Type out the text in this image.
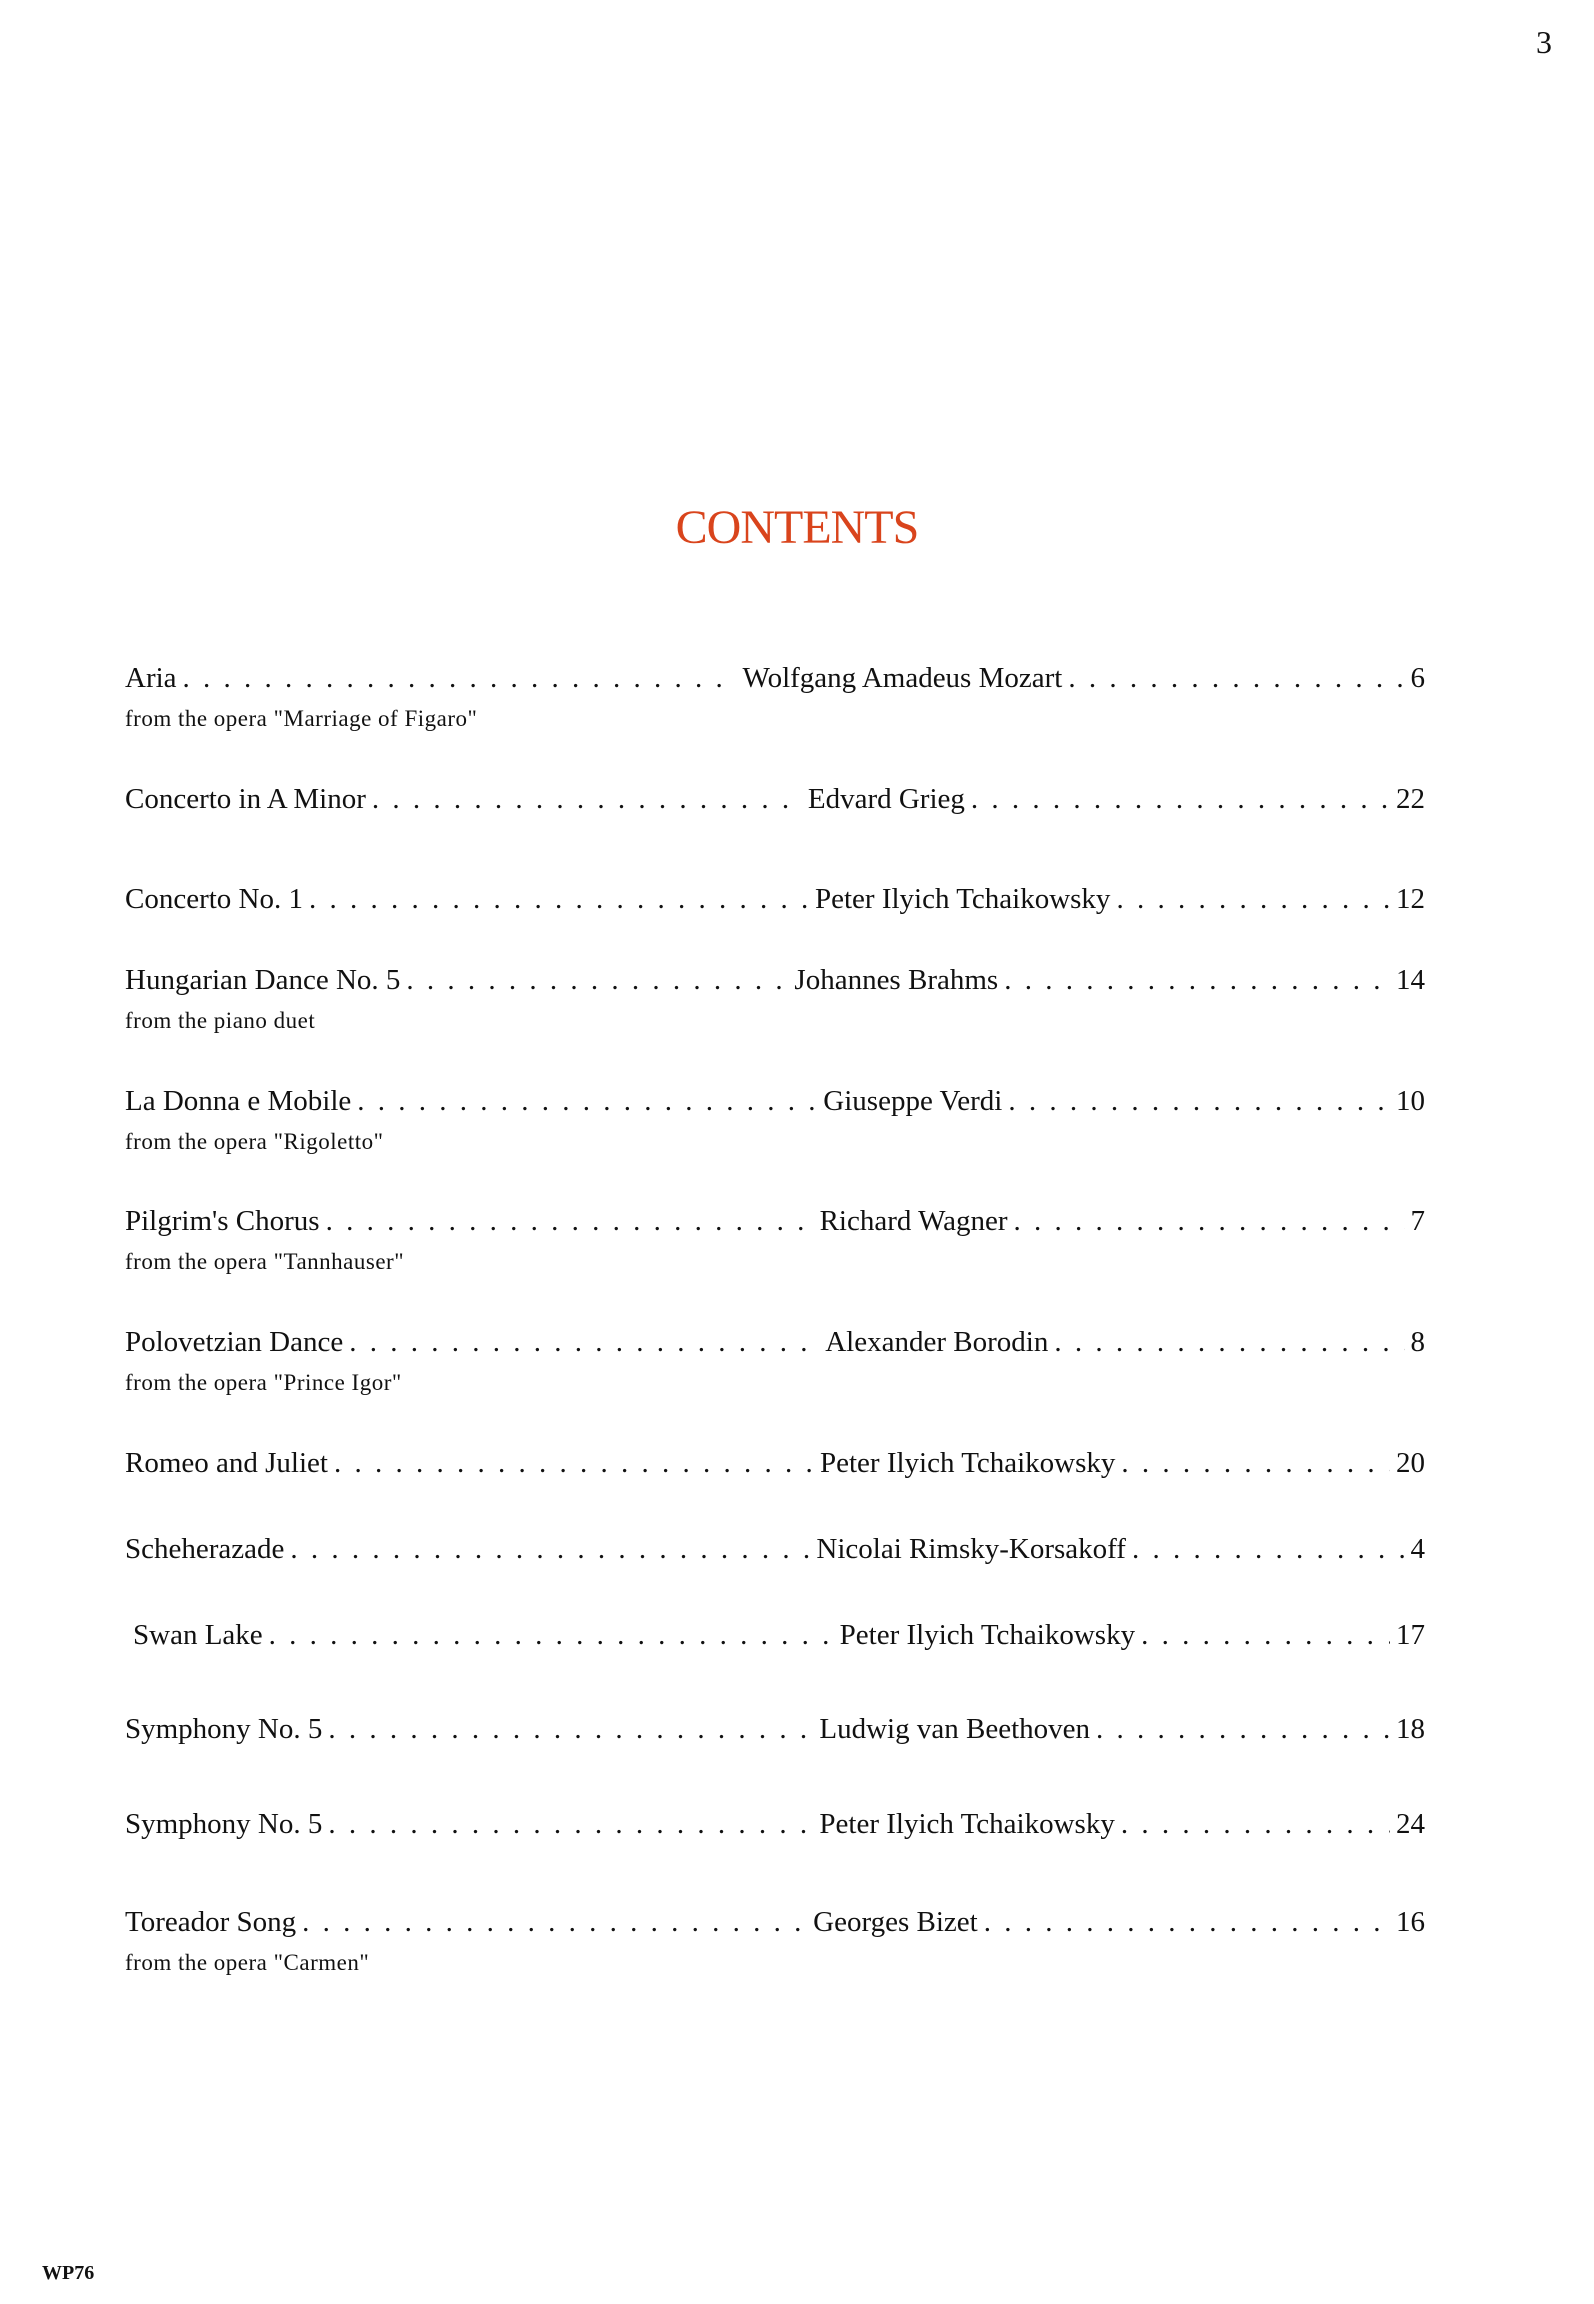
3
CONTENTS
Aria . . .	Wolfgang Amadeus Mozart . . .	6
from the opera "Marriage of Figaro"
Concerto in A Minor . . .	Edvard Grieg . . .	22
Concerto No. 1 . . .	Peter Ilyich Tchaikowsky . . .	12
Hungarian Dance No. 5 . . .	Johannes Brahms . . .	14
from the piano duet
La Donna e Mobile . . .	Giuseppe Verdi . . .	10
from the opera "Rigoletto"
Pilgrim's Chorus . . .	Richard Wagner . . .	7
from the opera "Tannhauser"
Polovetzian Dance . . .	Alexander Borodin . . .	8
from the opera "Prince Igor"
Romeo and Juliet . . .	Peter Ilyich Tchaikowsky . . .	20
Scheherazade . . .	Nicolai Rimsky-Korsakoff . . .	4
Swan Lake . . .	Peter Ilyich Tchaikowsky . . .	17
Symphony No. 5 . . .	Ludwig van Beethoven . . .	18
Symphony No. 5 . . .	Peter Ilyich Tchaikowsky . . .	24
Toreador Song . . .	Georges Bizet . . .	16
from the opera "Carmen"
WP76
